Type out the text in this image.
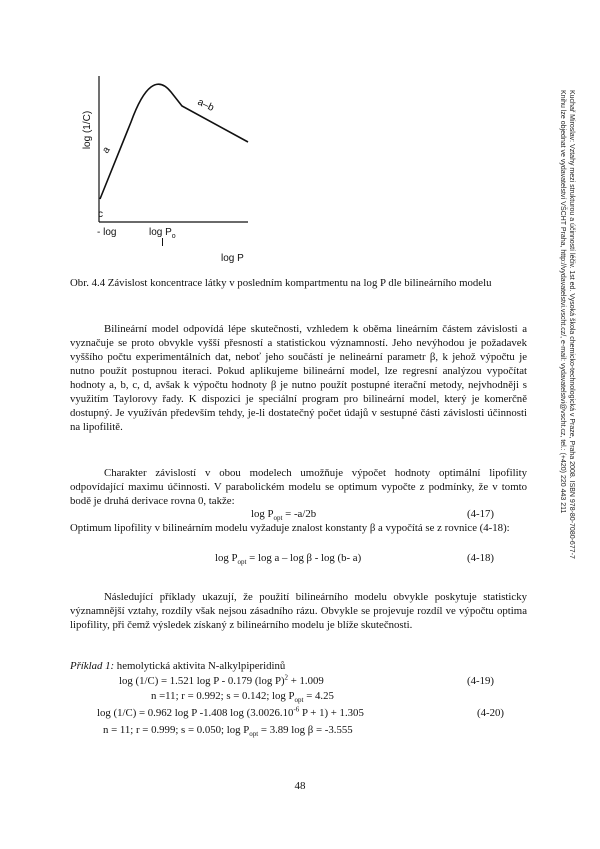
log (1/C)
a
a–b
c
- log	$\log P_o$
log P
Obr. 4.4 Závislost koncentrace látky v posledním kompartmentu na log P dle bilineárního modelu

Bilineární model odpovídá lépe skutečnosti, vzhledem k oběma lineárním částem závislosti a vyznačuje se proto obvykle vyšší přesností a statistickou významností. Jeho nevýhodou je požadavek vyššího počtu experimentálních dat, neboť jeho součástí je nelineární parametr β, k jehož výpočtu je nutno použít postupnou iteraci. Pokud aplikujeme bilineární model, lze regresní analýzou vypočítat hodnoty a, b, c, d, avšak k výpočtu hodnoty β je nutno použít postupné iterační metody, nejvhodněji s využitím Taylorovy řady. K dispozici je speciální program pro bilineární model, který je komerčně dostupný. Je využíván především tehdy, je-li dostatečný počet údajů v sestupné části závislosti účinnosti na lipofilitě.

Charakter závislostí v obou modelech umožňuje výpočet hodnoty optimální lipofility odpovídající maximu účinnosti. V parabolickém modelu se optimum vypočte z podmínky, že v tomto bodě je druhá derivace rovna 0, takže:

$\log P_{opt} = -a/2b$	(4-17)

Optimum lipofility v bilineárním modelu vyžaduje znalost konstanty β a vypočítá se z rovnice (4-18):

$\log P_{opt} = \log a - \log \beta - \log (b-$ a)	(4-18)

Následující příklady ukazují, že použití bilineárního modelu obvykle poskytuje statisticky významnější vztahy, rozdíly však nejsou zásadního rázu. Obvykle se projevuje rozdíl ve výpočtu optima lipofility, při čemž výsledek získaný z bilineárního modelu je blíže skutečnosti.

Příklad 1: hemolytická aktivita N-alkylpiperidinů
log (1/C) = 1.521 log P - 0.179 (log P)$^2$ + 1.009	(4-19)
n =11; r = 0.992; s = 0.142; $\log P_{opt} = 4.25$
log (1/C) = 0.962 log P -1.408 $\log (3.0026.10^{-6}$ P + 1) + 1.305	(4-20)
n = 11; r = 0.999; s = 0.050; $\log P_{opt} = 3.89$ log β = -3.555
Kuchař Miroslav: Vztahy mezi strukturou a účinností léčiv. 1st ed. Vysoká škola chemicko-technologická v Praze, Praha 2008. ISBN 978-80-7080-677-7
Knihu lze objednat ve vydavatelství VŠCHT Praha, http://vydavatelstvi.vscht.cz/, e-mail: vydavatelstvi@vscht.cz, tel.: (+420) 220 443 211
48
